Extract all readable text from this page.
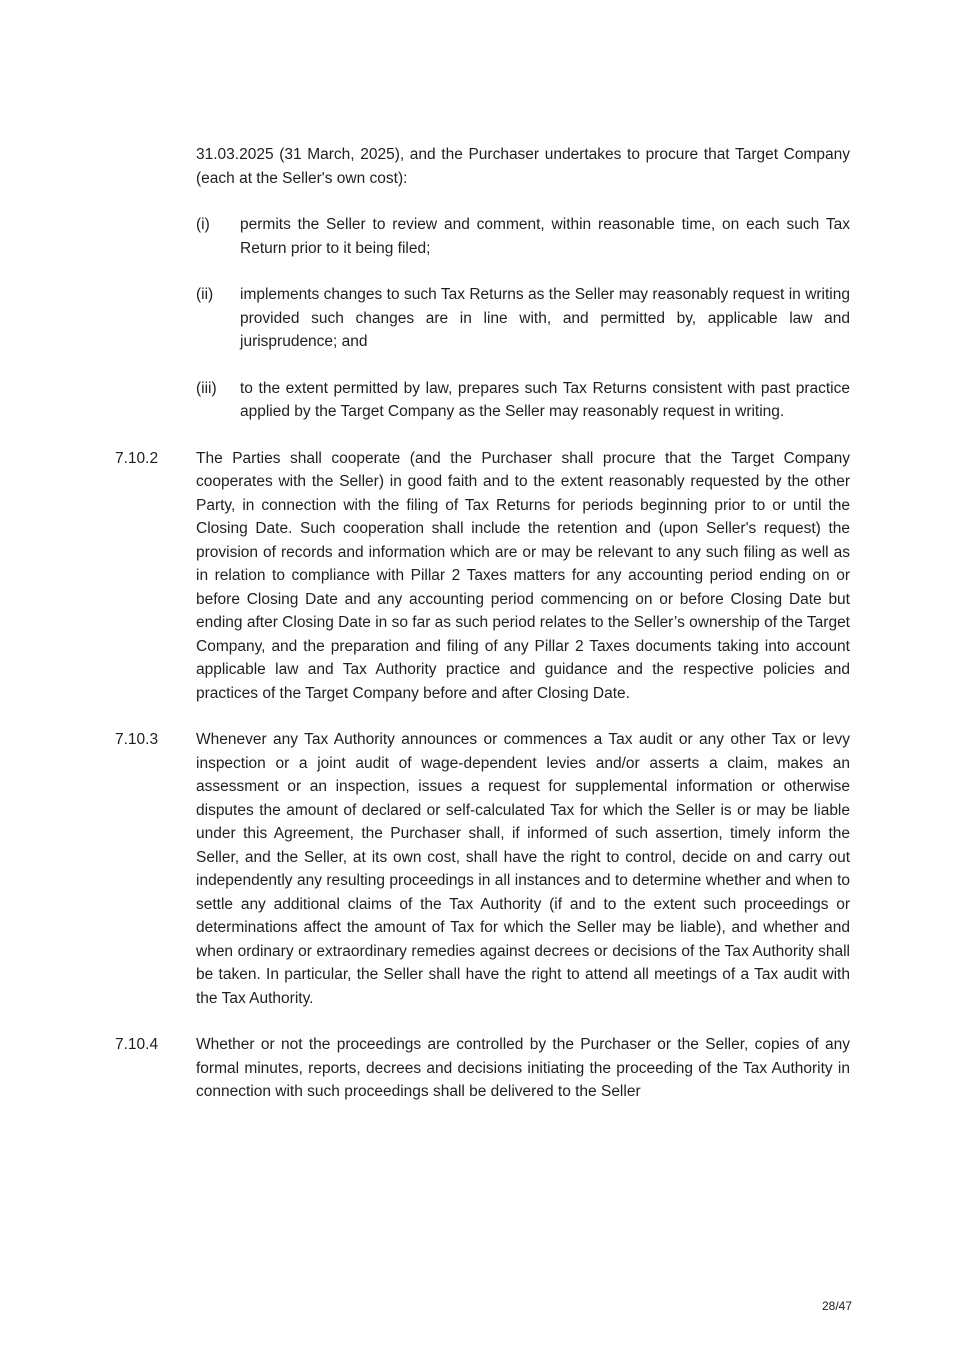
31.03.2025 (31 March, 2025), and the Purchaser undertakes to procure that Target Company (each at the Seller's own cost):

(i)	permits the Seller to review and comment, within reasonable time, on each such Tax Return prior to it being filed;
(ii)	implements changes to such Tax Returns as the Seller may reasonably request in writing provided such changes are in line with, and permitted by, applicable law and jurisprudence; and
(iii)	to the extent permitted by law, prepares such Tax Returns consistent with past practice applied by the Target Company as the Seller may reasonably request in writing.
7.10.2	The Parties shall cooperate (and the Purchaser shall procure that the Target Company cooperates with the Seller) in good faith and to the extent reasonably requested by the other Party, in connection with the filing of Tax Returns for periods beginning prior to or until the Closing Date. Such cooperation shall include the retention and (upon Seller's request) the provision of records and information which are or may be relevant to any such filing as well as in relation to compliance with Pillar 2 Taxes matters for any accounting period ending on or before Closing Date and any accounting period commencing on or before Closing Date but ending after Closing Date in so far as such period relates to the Seller’s ownership of the Target Company, and the preparation and filing of any Pillar 2 Taxes documents taking into account applicable law and Tax Authority practice and guidance and the respective policies and practices of the Target Company before and after Closing Date.
7.10.3	Whenever any Tax Authority announces or commences a Tax audit or any other Tax or levy inspection or a joint audit of wage-dependent levies and/or asserts a claim, makes an assessment or an inspection, issues a request for supplemental information or otherwise disputes the amount of declared or self-calculated Tax for which the Seller is or may be liable under this Agreement, the Purchaser shall, if informed of such assertion, timely inform the Seller, and the Seller, at its own cost, shall have the right to control, decide on and carry out independently any resulting proceedings in all instances and to determine whether and when to settle any additional claims of the Tax Authority (if and to the extent such proceedings or determinations affect the amount of Tax for which the Seller may be liable), and whether and when ordinary or extraordinary remedies against decrees or decisions of the Tax Authority shall be taken. In particular, the Seller shall have the right to attend all meetings of a Tax audit with the Tax Authority.
7.10.4	Whether or not the proceedings are controlled by the Purchaser or the Seller, copies of any formal minutes, reports, decrees and decisions initiating the proceeding of the Tax Authority in connection with such proceedings shall be delivered to the Seller
28/47
